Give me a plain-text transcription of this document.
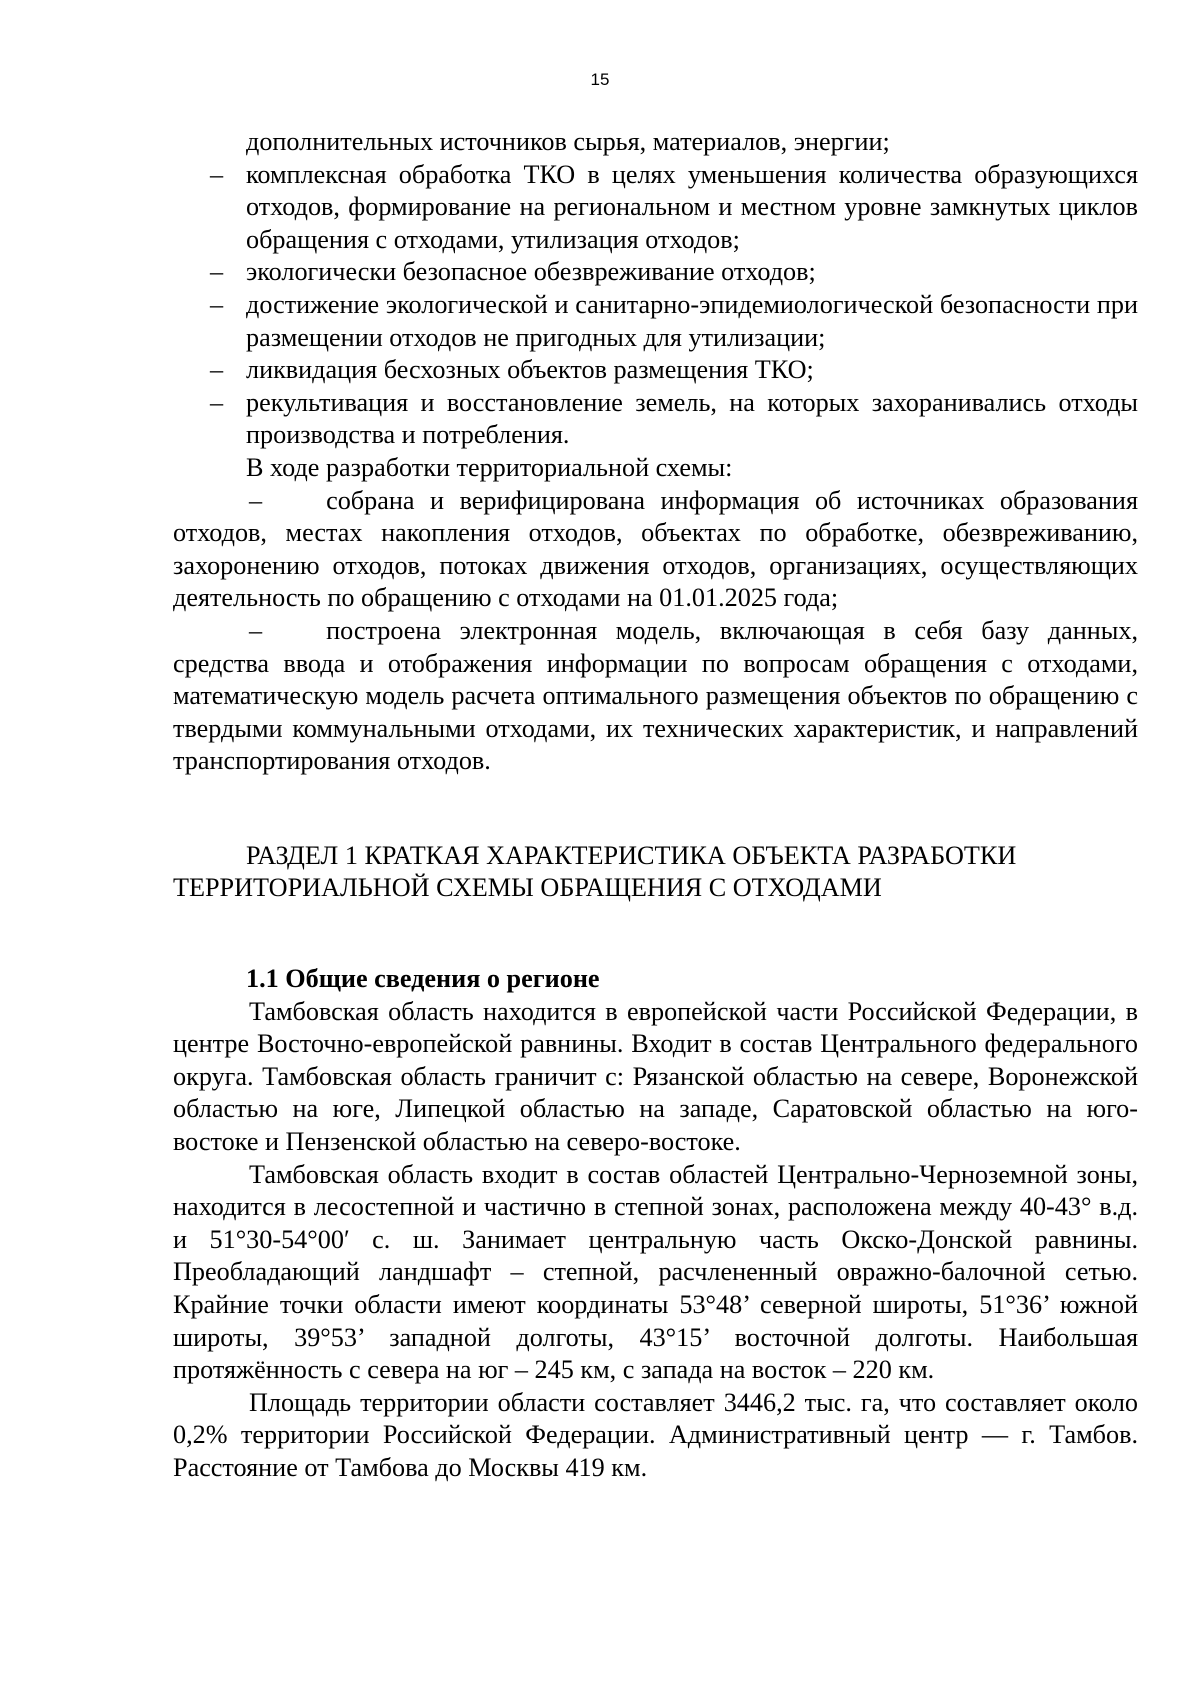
15

дополнительных источников сырья, материалов, энергии;

– комплексная обработка ТКО в целях уменьшения количества образующихся отходов, формирование на региональном и местном уровне замкнутых циклов обращения с отходами, утилизация отходов;

– экологически безопасное обезвреживание отходов;

– достижение экологической и санитарно-эпидемиологической безопасности при размещении отходов не пригодных для утилизации;

– ликвидация бесхозных объектов размещения ТКО;

– рекультивация и восстановление земель, на которых захоранивались отходы производства и потребления.

В ходе разработки территориальной схемы:

– собрана и верифицирована информация об источниках образования отходов, местах накопления отходов, объектах по обработке, обезвреживанию, захоронению отходов, потоках движения отходов, организациях, осуществляющих деятельность по обращению с отходами на 01.01.2025 года;

– построена электронная модель, включающая в себя базу данных, средства ввода и отображения информации по вопросам обращения с отходами, математическую модель расчета оптимального размещения объектов по обращению с твердыми коммунальными отходами, их технических характеристик, и направлений транспортирования отходов.

РАЗДЕЛ 1 КРАТКАЯ ХАРАКТЕРИСТИКА ОБЪЕКТА РАЗРАБОТКИ
ТЕРРИТОРИАЛЬНОЙ СХЕМЫ ОБРАЩЕНИЯ С ОТХОДАМИ
1.1 Общие сведения о регионе

Тамбовская область находится в европейской части Российской Федерации, в центре Восточно-европейской равнины. Входит в состав Центрального федерального округа. Тамбовская область граничит с: Рязанской областью на севере, Воронежской областью на юге, Липецкой областью на западе, Саратовской областью на юго-востоке и Пензенской областью на северо-востоке.

Тамбовская область входит в состав областей Центрально-Черноземной зоны, находится в лесостепной и частично в степной зонах, расположена между 40-43° в.д. и 51°30-54°00′ с. ш. Занимает центральную часть Окско-Донской равнины. Преобладающий ландшафт – степной, расчлененный овражно-балочной сетью. Крайние точки области имеют координаты 53°48’ северной широты, 51°36’ южной широты, 39°53’ западной долготы, 43°15’ восточной долготы. Наибольшая протяжённость с севера на юг – 245 км, с запада на восток – 220 км.

Площадь территории области составляет 3446,2 тыс. га, что составляет около 0,2% территории Российской Федерации. Административный центр — г. Тамбов. Расстояние от Тамбова до Москвы 419 км.
